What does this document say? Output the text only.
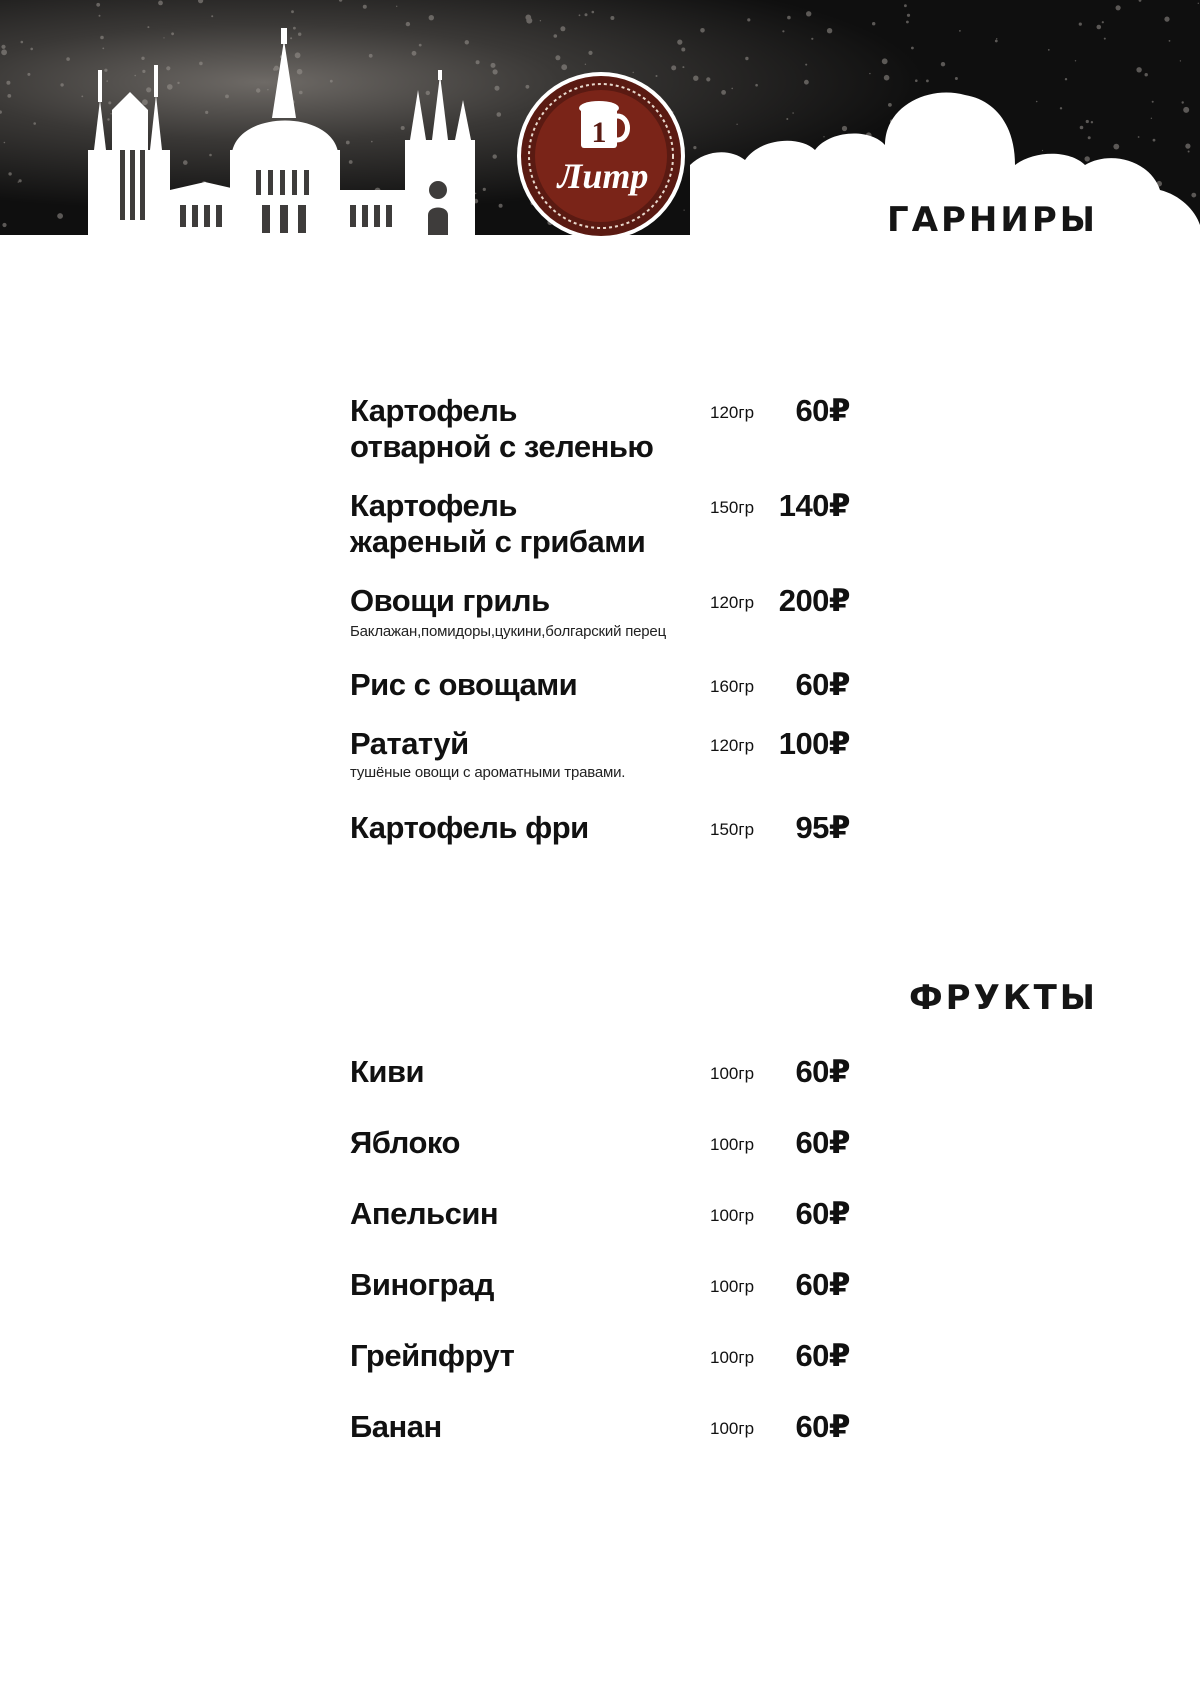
1
Литр
ГАРНИРЫ
Картофель
отварной с зеленью
120гр	60₽
Картофель
жареный с грибами
150гр 140₽
Овощи гриль
Баклажан,помидоры,цукини,болгарский перец
120гр 200₽
Рис с овощами	160гр	60₽
Рататуй
тушёные овощи с ароматными травами.
120гр 100₽
Картофель фри	150гр	95₽
ФРУКТЫ
Киви	100гр	60₽
Яблоко	100гр	60₽
Апельсин	100гр	60₽
Виноград	100гр	60₽
Грейпфрут	100гр	60₽
Банан	100гр	60₽
